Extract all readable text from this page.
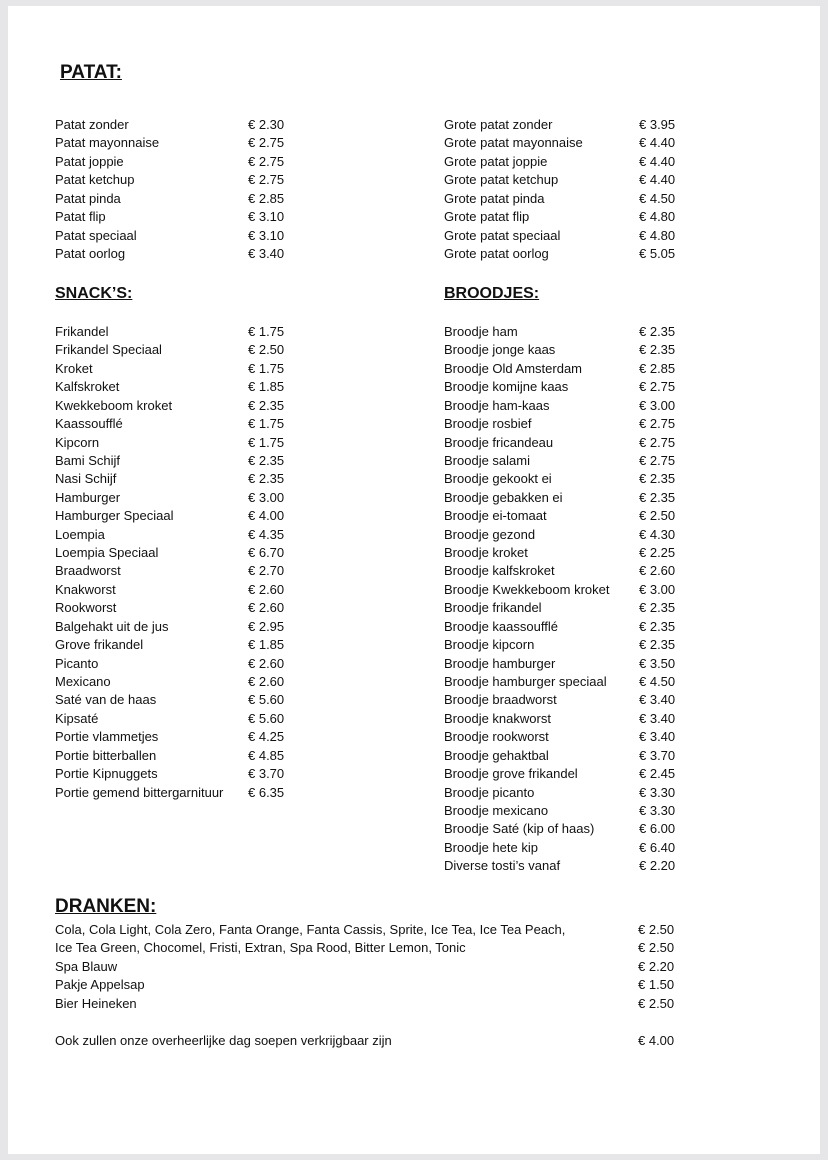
PATAT:
Patat zonder	€ 2.30
Patat mayonnaise	€ 2.75
Patat joppie	€ 2.75
Patat ketchup	€ 2.75
Patat pinda	€ 2.85
Patat flip	€ 3.10
Patat speciaal	€ 3.10
Patat oorlog	€ 3.40
Grote patat zonder	€ 3.95
Grote patat mayonnaise	€ 4.40
Grote patat joppie	€ 4.40
Grote patat ketchup	€ 4.40
Grote patat pinda	€ 4.50
Grote patat flip	€ 4.80
Grote patat speciaal	€ 4.80
Grote patat oorlog	€ 5.05
SNACK’S:	BROODJES:
Frikandel	€ 1.75
Frikandel Speciaal	€ 2.50
Kroket	€ 1.75
Kalfskroket	€ 1.85
Kwekkeboom kroket	€ 2.35
Kaassoufflé	€ 1.75
Kipcorn	€ 1.75
Bami Schijf	€ 2.35
Nasi Schijf	€ 2.35
Hamburger	€ 3.00
Hamburger Speciaal	€ 4.00
Loempia	€ 4.35
Loempia Speciaal	€ 6.70
Braadworst	€ 2.70
Knakworst	€ 2.60
Rookworst	€ 2.60
Balgehakt uit de jus	€ 2.95
Grove frikandel	€ 1.85
Picanto	€ 2.60
Mexicano	€ 2.60
Saté van de haas	€ 5.60
Kipsaté	€ 5.60
Portie vlammetjes	€ 4.25
Portie bitterballen	€ 4.85
Portie Kipnuggets	€ 3.70
Portie gemend bittergarnituur € 6.35
Broodje ham	€ 2.35
Broodje jonge kaas	€ 2.35
Broodje Old Amsterdam	€ 2.85
Broodje komijne kaas	€ 2.75
Broodje ham-kaas	€ 3.00
Broodje rosbief	€ 2.75
Broodje fricandeau	€ 2.75
Broodje salami	€ 2.75
Broodje gekookt ei	€ 2.35
Broodje gebakken ei	€ 2.35
Broodje ei-tomaat	€ 2.50
Broodje gezond	€ 4.30
Broodje kroket	€ 2.25
Broodje kalfskroket	€ 2.60
Broodje Kwekkeboom kroket € 3.00
Broodje frikandel	€ 2.35
Broodje kaassoufflé	€ 2.35
Broodje kipcorn	€ 2.35
Broodje hamburger	€ 3.50
Broodje hamburger speciaal € 4.50
Broodje braadworst	€ 3.40
Broodje knakworst	€ 3.40
Broodje rookworst	€ 3.40
Broodje gehaktbal	€ 3.70
Broodje grove frikandel	€ 2.45
Broodje picanto	€ 3.30
Broodje mexicano	€ 3.30
Broodje Saté (kip of haas)	€ 6.00
Broodje hete kip	€ 6.40
Diverse tosti’s vanaf	€ 2.20
DRANKEN:
Cola, Cola Light, Cola Zero, Fanta Orange, Fanta Cassis, Sprite, Ice Tea, Ice Tea Peach,	€ 2.50
Ice Tea Green, Chocomel, Fristi, Extran, Spa Rood, Bitter Lemon, Tonic	€ 2.50
Spa Blauw	€ 2.20
Pakje Appelsap	€ 1.50
Bier Heineken	€ 2.50
Ook zullen onze overheerlijke dag soepen verkrijgbaar zijn	€ 4.00
